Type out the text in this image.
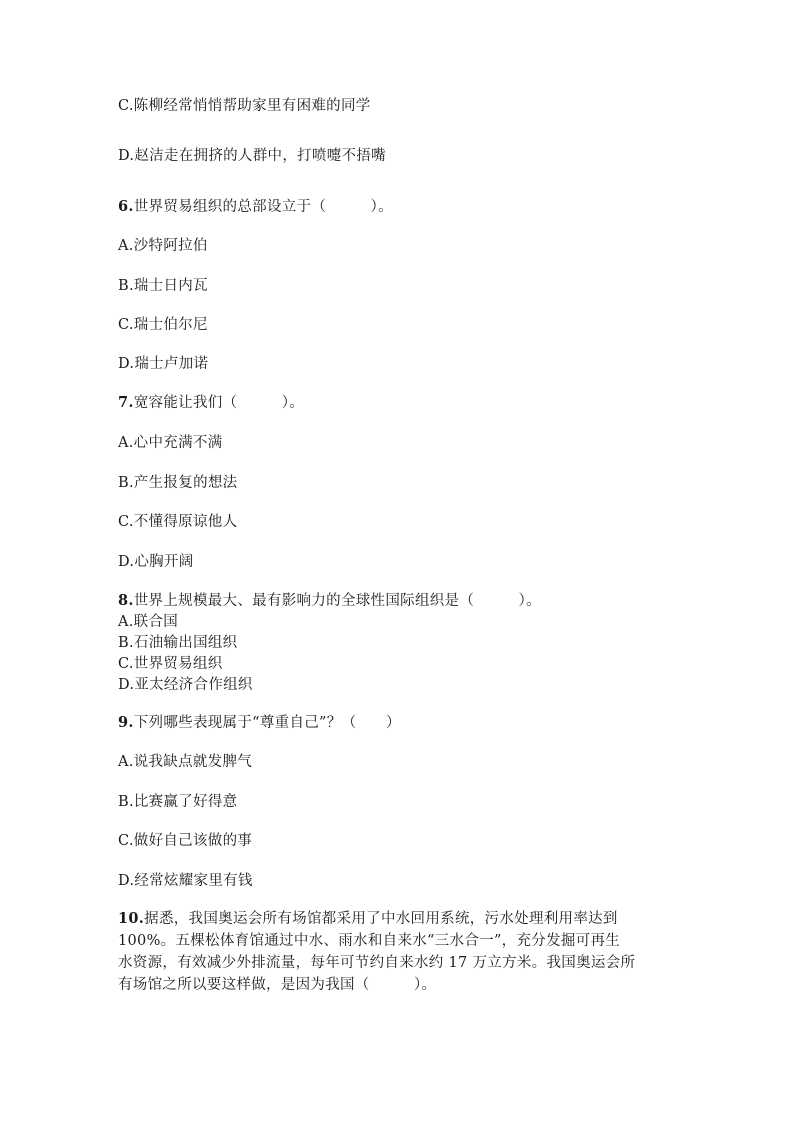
C.陈柳经常悄悄帮助家里有困难的同学

D.赵洁走在拥挤的人群中，打喷嚏不捂嘴

6.世界贸易组织的总部设立于（　　　）。

A.沙特阿拉伯

B.瑞士日内瓦

C.瑞士伯尔尼

D.瑞士卢加诺

7.宽容能让我们（　　　）。

A.心中充满不满

B.产生报复的想法

C.不懂得原谅他人

D.心胸开阔

8.世界上规模最大、最有影响力的全球性国际组织是（　　　）。

A.联合国

B.石油输出国组织

C.世界贸易组织

D.亚太经济合作组织

9.下列哪些表现属于“尊重自己”？（　　）

A.说我缺点就发脾气

B.比赛赢了好得意

C.做好自己该做的事

D.经常炫耀家里有钱

10.据悉，我国奥运会所有场馆都采用了中水回用系统，污水处理利用率达到

100%。五棵松体育馆通过中水、雨水和自来水“三水合一”，充分发掘可再生

水资源，有效减少外排流量，每年可节约自来水约 17 万立方米。我国奥运会所

有场馆之所以要这样做，是因为我国（　　　）。
